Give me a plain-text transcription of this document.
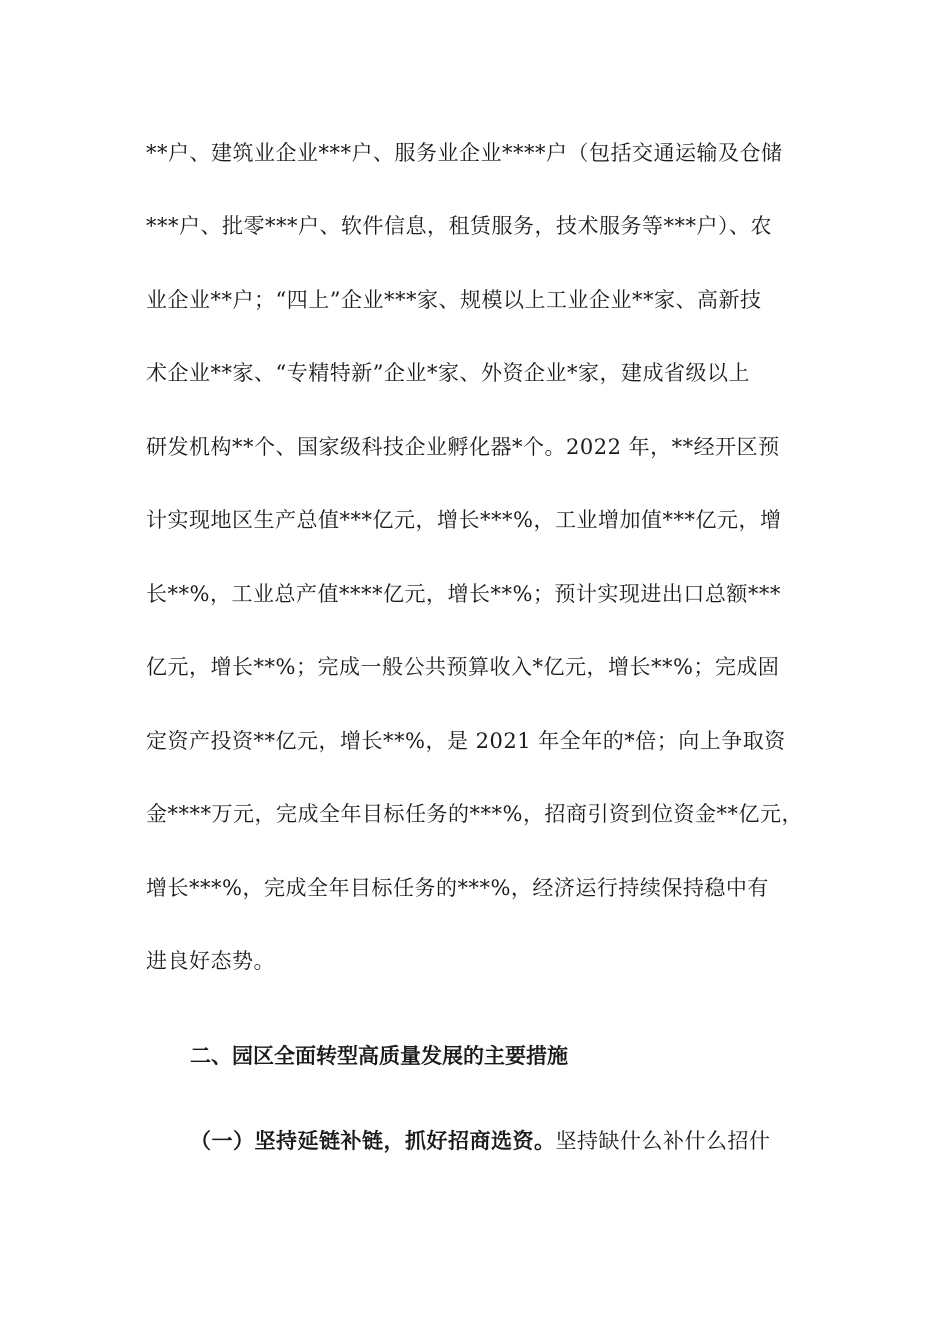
**户、建筑业企业***户、服务业企业****户（包括交通运输及仓储
***户、批零***户、软件信息，租赁服务，技术服务等***户）、农
业企业**户；“四上”企业***家、规模以上工业企业**家、高新技
术企业**家、“专精特新”企业*家、外资企业*家，建成省级以上
研发机构**个、国家级科技企业孵化器*个。2022 年，**经开区预
计实现地区生产总值***亿元，增长***%，工业增加值***亿元，增
长**%，工业总产值****亿元，增长**%；预计实现进出口总额***
亿元，增长**%；完成一般公共预算收入*亿元，增长**%；完成固
定资产投资**亿元，增长**%，是 2021 年全年的*倍；向上争取资
金****万元，完成全年目标任务的***%，招商引资到位资金**亿元，
增长***%，完成全年目标任务的***%，经济运行持续保持稳中有
进良好态势。
二、园区全面转型高质量发展的主要措施
（一）坚持延链补链，抓好招商选资。坚持缺什么补什么招什
